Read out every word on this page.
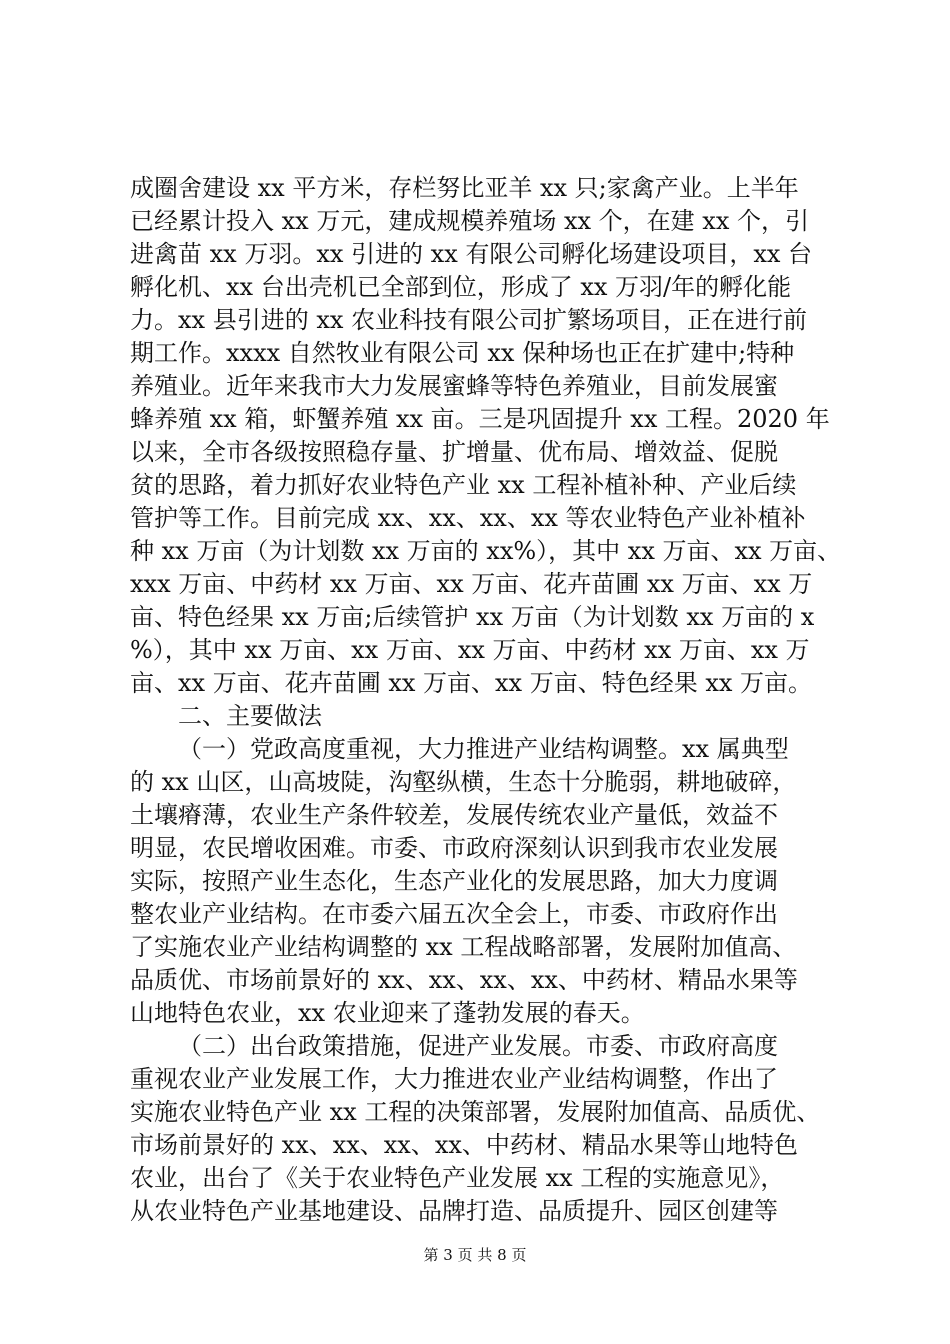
成圈舍建设 xx 平方米，存栏努比亚羊 xx 只;家禽产业。上半年
已经累计投入 xx 万元，建成规模养殖场 xx 个，在建 xx 个，引
进禽苗 xx 万羽。xx 引进的 xx 有限公司孵化场建设项目，xx 台
孵化机、xx 台出壳机已全部到位，形成了 xx 万羽/年的孵化能
力。xx 县引进的 xx 农业科技有限公司扩繁场项目，正在进行前
期工作。xxxx 自然牧业有限公司 xx 保种场也正在扩建中;特种
养殖业。近年来我市大力发展蜜蜂等特色养殖业，目前发展蜜
蜂养殖 xx 箱，虾蟹养殖 xx 亩。三是巩固提升 xx 工程。2020 年
以来，全市各级按照稳存量、扩增量、优布局、增效益、促脱
贫的思路，着力抓好农业特色产业 xx 工程补植补种、产业后续
管护等工作。目前完成 xx、xx、xx、xx 等农业特色产业补植补
种 xx 万亩（为计划数 xx 万亩的 xx%），其中 xx 万亩、xx 万亩、
xxx 万亩、中药材 xx 万亩、xx 万亩、花卉苗圃 xx 万亩、xx 万
亩、特色经果 xx 万亩;后续管护 xx 万亩（为计划数 xx 万亩的 x
%），其中 xx 万亩、xx 万亩、xx 万亩、中药材 xx 万亩、xx 万
亩、xx 万亩、花卉苗圃 xx 万亩、xx 万亩、特色经果 xx 万亩。
二、主要做法
（一）党政高度重视，大力推进产业结构调整。xx 属典型
的 xx 山区，山高坡陡，沟壑纵横，生态十分脆弱，耕地破碎，
土壤瘠薄，农业生产条件较差，发展传统农业产量低，效益不
明显，农民增收困难。市委、市政府深刻认识到我市农业发展
实际，按照产业生态化，生态产业化的发展思路，加大力度调
整农业产业结构。在市委六届五次全会上，市委、市政府作出
了实施农业产业结构调整的 xx 工程战略部署，发展附加值高、
品质优、市场前景好的 xx、xx、xx、xx、中药材、精品水果等
山地特色农业，xx 农业迎来了蓬勃发展的春天。
（二）出台政策措施，促进产业发展。市委、市政府高度
重视农业产业发展工作，大力推进农业产业结构调整，作出了
实施农业特色产业 xx 工程的决策部署，发展附加值高、品质优、
市场前景好的 xx、xx、xx、xx、中药材、精品水果等山地特色
农业，出台了《关于农业特色产业发展 xx 工程的实施意见》，
从农业特色产业基地建设、品牌打造、品质提升、园区创建等
第 3 页 共 8 页
